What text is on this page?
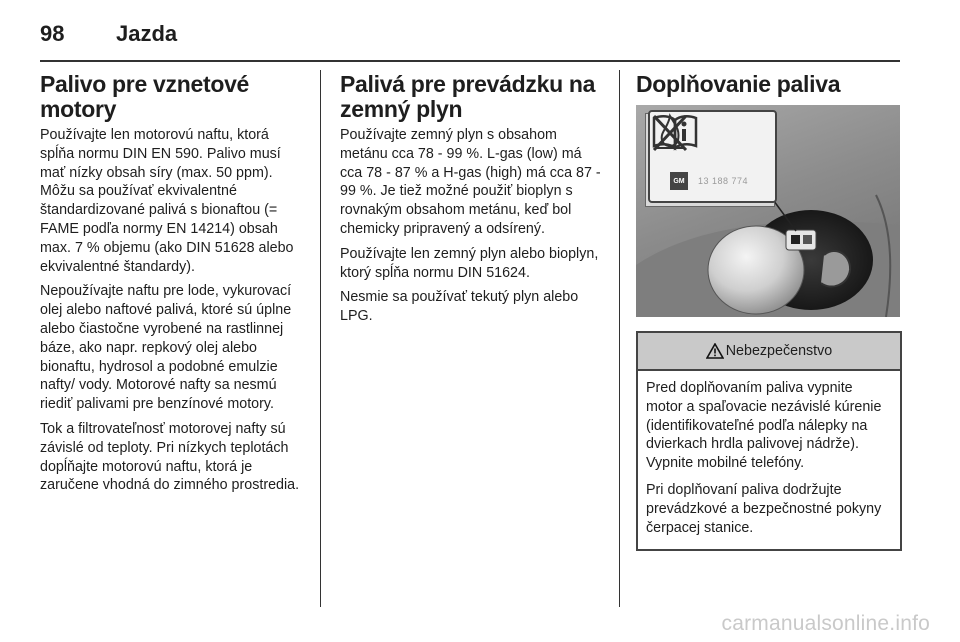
98	Jazda
Palivo pre vznetové motory

Používajte len motorovú naftu, ktorá spĺňa normu DIN EN 590. Palivo musí mať nízky obsah síry (max. 50 ppm). Môžu sa používať ekvivalentné štandardizované palivá s bionaftou (= FAME podľa normy EN 14214) obsah max. 7 % objemu (ako DIN 51628 alebo ekvivalentné štandardy).

Nepoužívajte naftu pre lode, vykurovací olej alebo naftové palivá, ktoré sú úplne alebo čiastočne vyrobené na rastlinnej báze, ako napr. repkový olej alebo bionaftu, hydrosol a podobné emulzie nafty/ vody. Motorové nafty sa nesmú riediť palivami pre benzínové motory.

Tok a filtrovateľnosť motorovej nafty sú závislé od teploty. Pri nízkych teplotách dopĺňajte motorovú naftu, ktorá je zaručene vhodná do zimného prostredia.

Palivá pre prevádzku na zemný plyn

Používajte zemný plyn s obsahom metánu cca 78 - 99 %. L-gas (low) má cca 78 - 87 % a H-gas (high) má cca 87 - 99 %. Je tiež možné použiť bioplyn s rovnakým obsahom metánu, keď bol chemicky pripravený a odsírený.

Používajte len zemný plyn alebo bioplyn, ktorý spĺňa normu DIN 51624.

Nesmie sa používať tekutý plyn alebo LPG.

Doplňovanie paliva
GM	13 188 774
Nebezpečenstvo

Pred doplňovaním paliva vypnite motor a spaľovacie nezávislé kúrenie (identifikovateľné podľa nálepky na dvierkach hrdla palivovej nádrže). Vypnite mobilné telefóny.

Pri doplňovaní paliva dodržujte prevádzkové a bezpečnostné pokyny čerpacej stanice.

carmanualsonline.info
